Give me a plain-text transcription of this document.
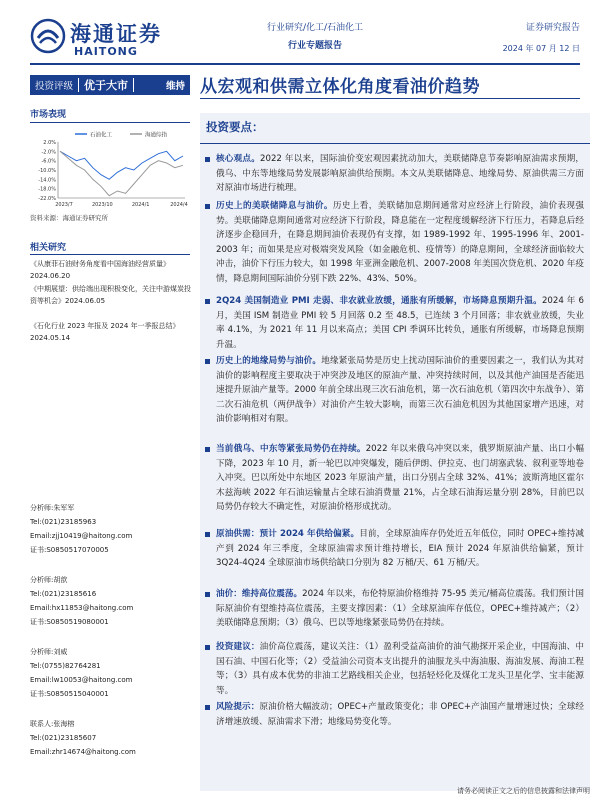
海通证券
HAITONG
行业研究/化工/石油化工
行业专题报告
证券研究报告
2024 年 07 月 12 日
投资评级	优于大市	维持 从宏观和供需立体化角度看油价趋势
市场表现
石油化工	海通综指
2.0%
-2.0%
-6.0%
-10.0%
-14.0%
-18.0%
-22.0%
2023/7	2023/10	2024/1	2024/4
资料来源：海通证券研究所
相关研究
《从康菲石油财务角度看中国海油经营质量》2024.06.20
《中期展望：供给端出现积极变化，关注中游煤炭投资等机会》2024.06.05
《石化行业 2023 年报及 2024 年一季报总结》2024.05.14
分析师:朱军军
Tel:(021)23185963
Email:zjj10419@haitong.com
证书:S0850517070005
分析师:胡歆
Tel:(021)23185616
Email:hx11853@haitong.com
证书:S0850519080001
分析师:刘威
Tel:(0755)82764281
Email:lw10053@haitong.com
证书:S0850515040001
联系人:张海榕
Tel:(021)23185607
Email:zhr14674@haitong.com
投资要点：
核心观点。2022 年以来，国际油价变宏观因素扰动加大，美联储降息节奏影响原油需求预期，俄乌、中东等地缘局势发展影响原油供给预期。本文从美联储降息、地缘局势、原油供需三方面对原油市场进行梳理。
历史上的美联储降息与油价。历史上看，美联储加息期间通常对应经济上行阶段，油价表现强势。美联储降息期间通常对应经济下行阶段，降息能在一定程度缓解经济下行压力，若降息后经济逐步企稳回升，在降息期间油价表现仍有支撑，如 1989-1992 年、1995-1996 年、2001-2003 年；而如果是应对极端突发风险（如金融危机、疫情等）的降息期间，全球经济面临较大冲击，油价下行压力较大，如 1998 年亚洲金融危机、2007-2008 年美国次贷危机、2020 年疫情，降息期间国际油价分别下跌 22%、43%、50%。
2Q24 美国制造业 PMI 走弱、非农就业放缓，通胀有所缓解，市场降息预期升温。2024 年 6 月，美国 ISM 制造业 PMI 较 5 月回落 0.2 至 48.5，已连续 3 个月回落；非农就业放缓，失业率 4.1%，为 2021 年 11 月以来高点；美国 CPI 季调环比转负，通胀有所缓解，市场降息预期升温。
历史上的地缘局势与油价。地缘紧张局势是历史上扰动国际油价的重要因素之一，我们认为其对油价的影响程度主要取决于冲突涉及地区的原油产量、冲突持续时间，以及其他产油国是否能迅速提升原油产量等。2000 年前全球出现三次石油危机，第一次石油危机（第四次中东战争）、第二次石油危机（两伊战争）对油价产生较大影响，而第三次石油危机因为其他国家增产迅速，对油价影响相对有限。
当前俄乌、中东等紧张局势仍在持续。2022 年以来俄乌冲突以来，俄罗斯原油产量、出口小幅下降，2023 年 10 月，新一轮巴以冲突爆发，随后伊朗、伊拉克、也门胡塞武装、叙利亚等地卷入冲突。巴以所处中东地区 2023 年原油产量，出口分别占全球 32%、41%；波斯湾地区霍尔木兹海峡 2022 年石油运输量占全球石油消费量 21%，占全球石油海运量分别 28%，目前巴以局势仍存较大不确定性，对原油价格形成扰动。
原油供需：预计 2024 年供给偏紧。目前，全球原油库存仍处近五年低位，同时 OPEC+维持减产到 2024 年三季度，全球原油需求预计维持增长，EIA 预计 2024 年原油供给偏紧，预计 3Q24-4Q24 全球原油市场供给缺口分别为 82 万桶/天、61 万桶/天。
油价：维持高位震荡。2024 年以来，布伦特原油价格维持 75-95 美元/桶高位震荡。我们预计国际原油价有望维持高位震荡，主要支撑因素：（1）全球原油库存低位，OPEC+维持减产；（2）美联储降息预期；（3）俄乌、巴以等地缘紧张局势仍在持续。
投资建议：油价高位震荡，建议关注：（1）盈利受益高油价的油气勘探开采企业，中国海油、中国石油、中国石化等；（2）受益油公司资本支出提升的油服龙头中海油服、海油发展、海油工程等；（3）具有成本优势的非油工艺路线相关企业，包括轻烃化及煤化工龙头卫星化学、宝丰能源等。
风险提示：原油价格大幅波动；OPEC+产量政策变化；非 OPEC+产油国产量增速过快；全球经济增速放缓、原油需求下滑；地缘局势变化等。
请务必阅读正文之后的信息披露和法律声明
